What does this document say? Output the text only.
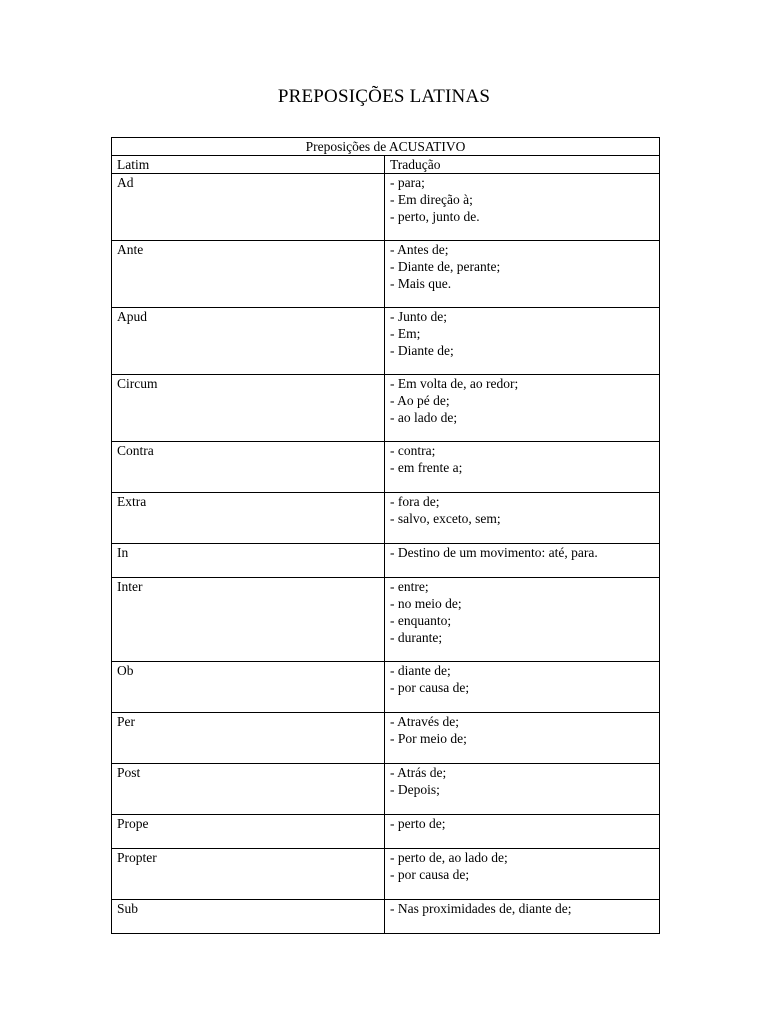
PREPOSIÇÕES LATINAS
Preposições de ACUSATIVO	
Latim	Tradução
Ad	- para;
- Em direção à;
- perto, junto de.

Ante	- Antes de;
- Diante de, perante;
- Mais que.

Apud	- Junto de;
- Em;
- Diante de;

Circum	- Em volta de, ao redor;
- Ao pé de;
- ao lado de;

Contra	- contra;
- em frente a;

Extra	- fora de;
- salvo, exceto, sem;

In	- Destino de um movimento: até, para.

Inter	- entre;
- no meio de;
- enquanto;
- durante;

Ob	- diante de;
- por causa de;

Per	- Através de;
- Por meio de;

Post	- Atrás de;
- Depois;

Prope	- perto de;

Propter	- perto de, ao lado de;
- por causa de;

Sub	- Nas proximidades de, diante de;
